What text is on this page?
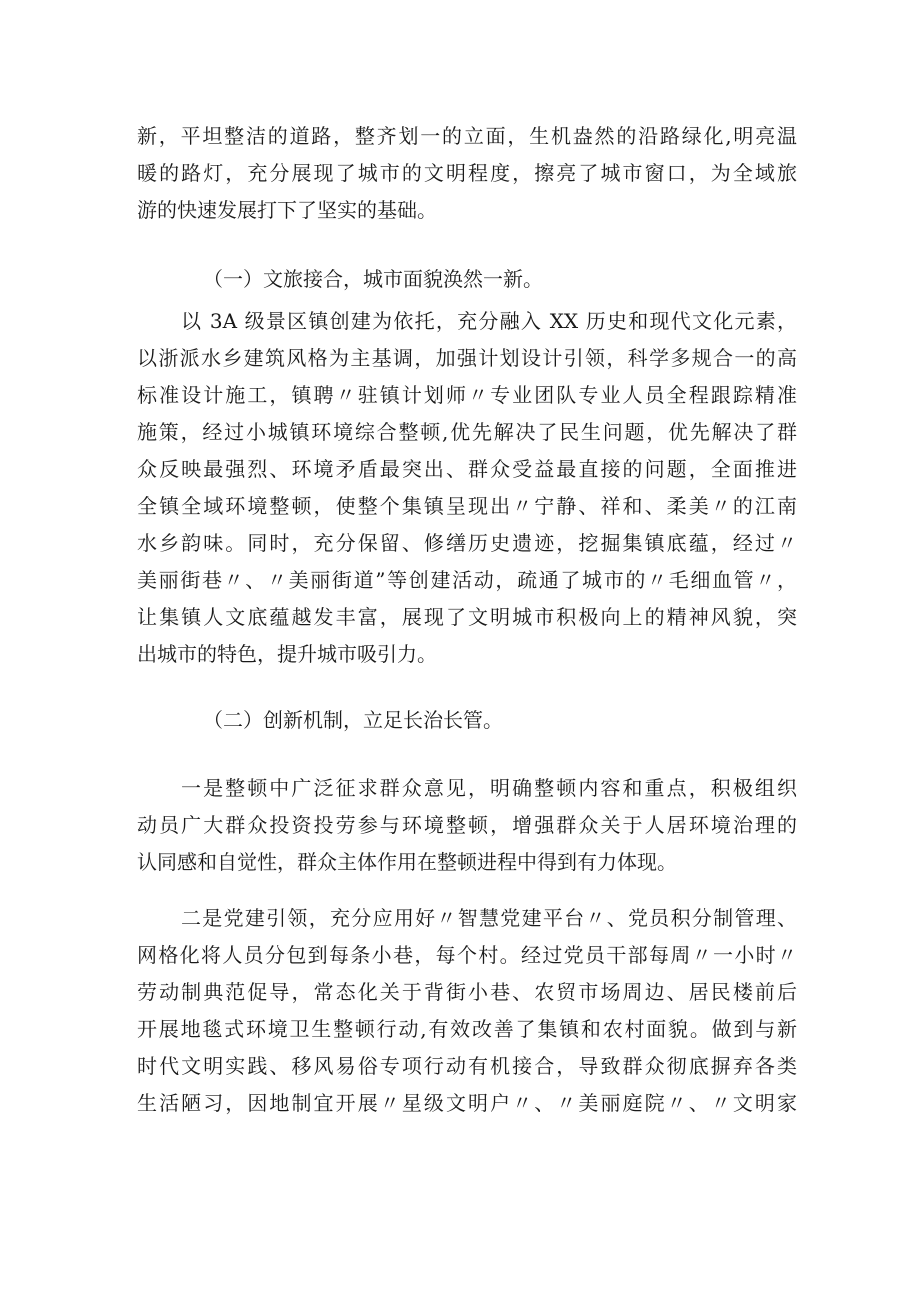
新，平坦整洁的道路，整齐划一的立面，生机盎然的沿路绿化,明亮温
暖的路灯，充分展现了城市的文明程度，擦亮了城市窗口，为全域旅
游的快速发展打下了坚实的基础。
（一）文旅接合，城市面貌涣然一新。
以 3A 级景区镇创建为依托，充分融入 XX 历史和现代文化元素，
以浙派水乡建筑风格为主基调，加强计划设计引领，科学多规合一的高
标准设计施工，镇聘〃驻镇计划师〃专业团队专业人员全程跟踪精准
施策，经过小城镇环境综合整顿,优先解决了民生问题，优先解决了群
众反映最强烈、环境矛盾最突出、群众受益最直接的问题，全面推进
全镇全域环境整顿，使整个集镇呈现出〃宁静、祥和、柔美〃的江南
水乡韵味。同时，充分保留、修缮历史遗迹，挖掘集镇底蕴，经过〃
美丽街巷〃、〃美丽街道”等创建活动，疏通了城市的〃毛细血管〃，
让集镇人文底蕴越发丰富，展现了文明城市积极向上的精神风貌，突
出城市的特色，提升城市吸引力。
（二）创新机制，立足长治长管。
一是整顿中广泛征求群众意见，明确整顿内容和重点，积极组织
动员广大群众投资投劳参与环境整顿，增强群众关于人居环境治理的
认同感和自觉性，群众主体作用在整顿进程中得到有力体现。
二是党建引领，充分应用好〃智慧党建平台〃、党员积分制管理、
网格化将人员分包到每条小巷，每个村。经过党员干部每周〃一小时〃
劳动制典范促导，常态化关于背街小巷、农贸市场周边、居民楼前后
开展地毯式环境卫生整顿行动,有效改善了集镇和农村面貌。做到与新
时代文明实践、移风易俗专项行动有机接合，导致群众彻底摒弃各类
生活陋习，因地制宜开展〃星级文明户〃、〃美丽庭院〃、〃文明家
